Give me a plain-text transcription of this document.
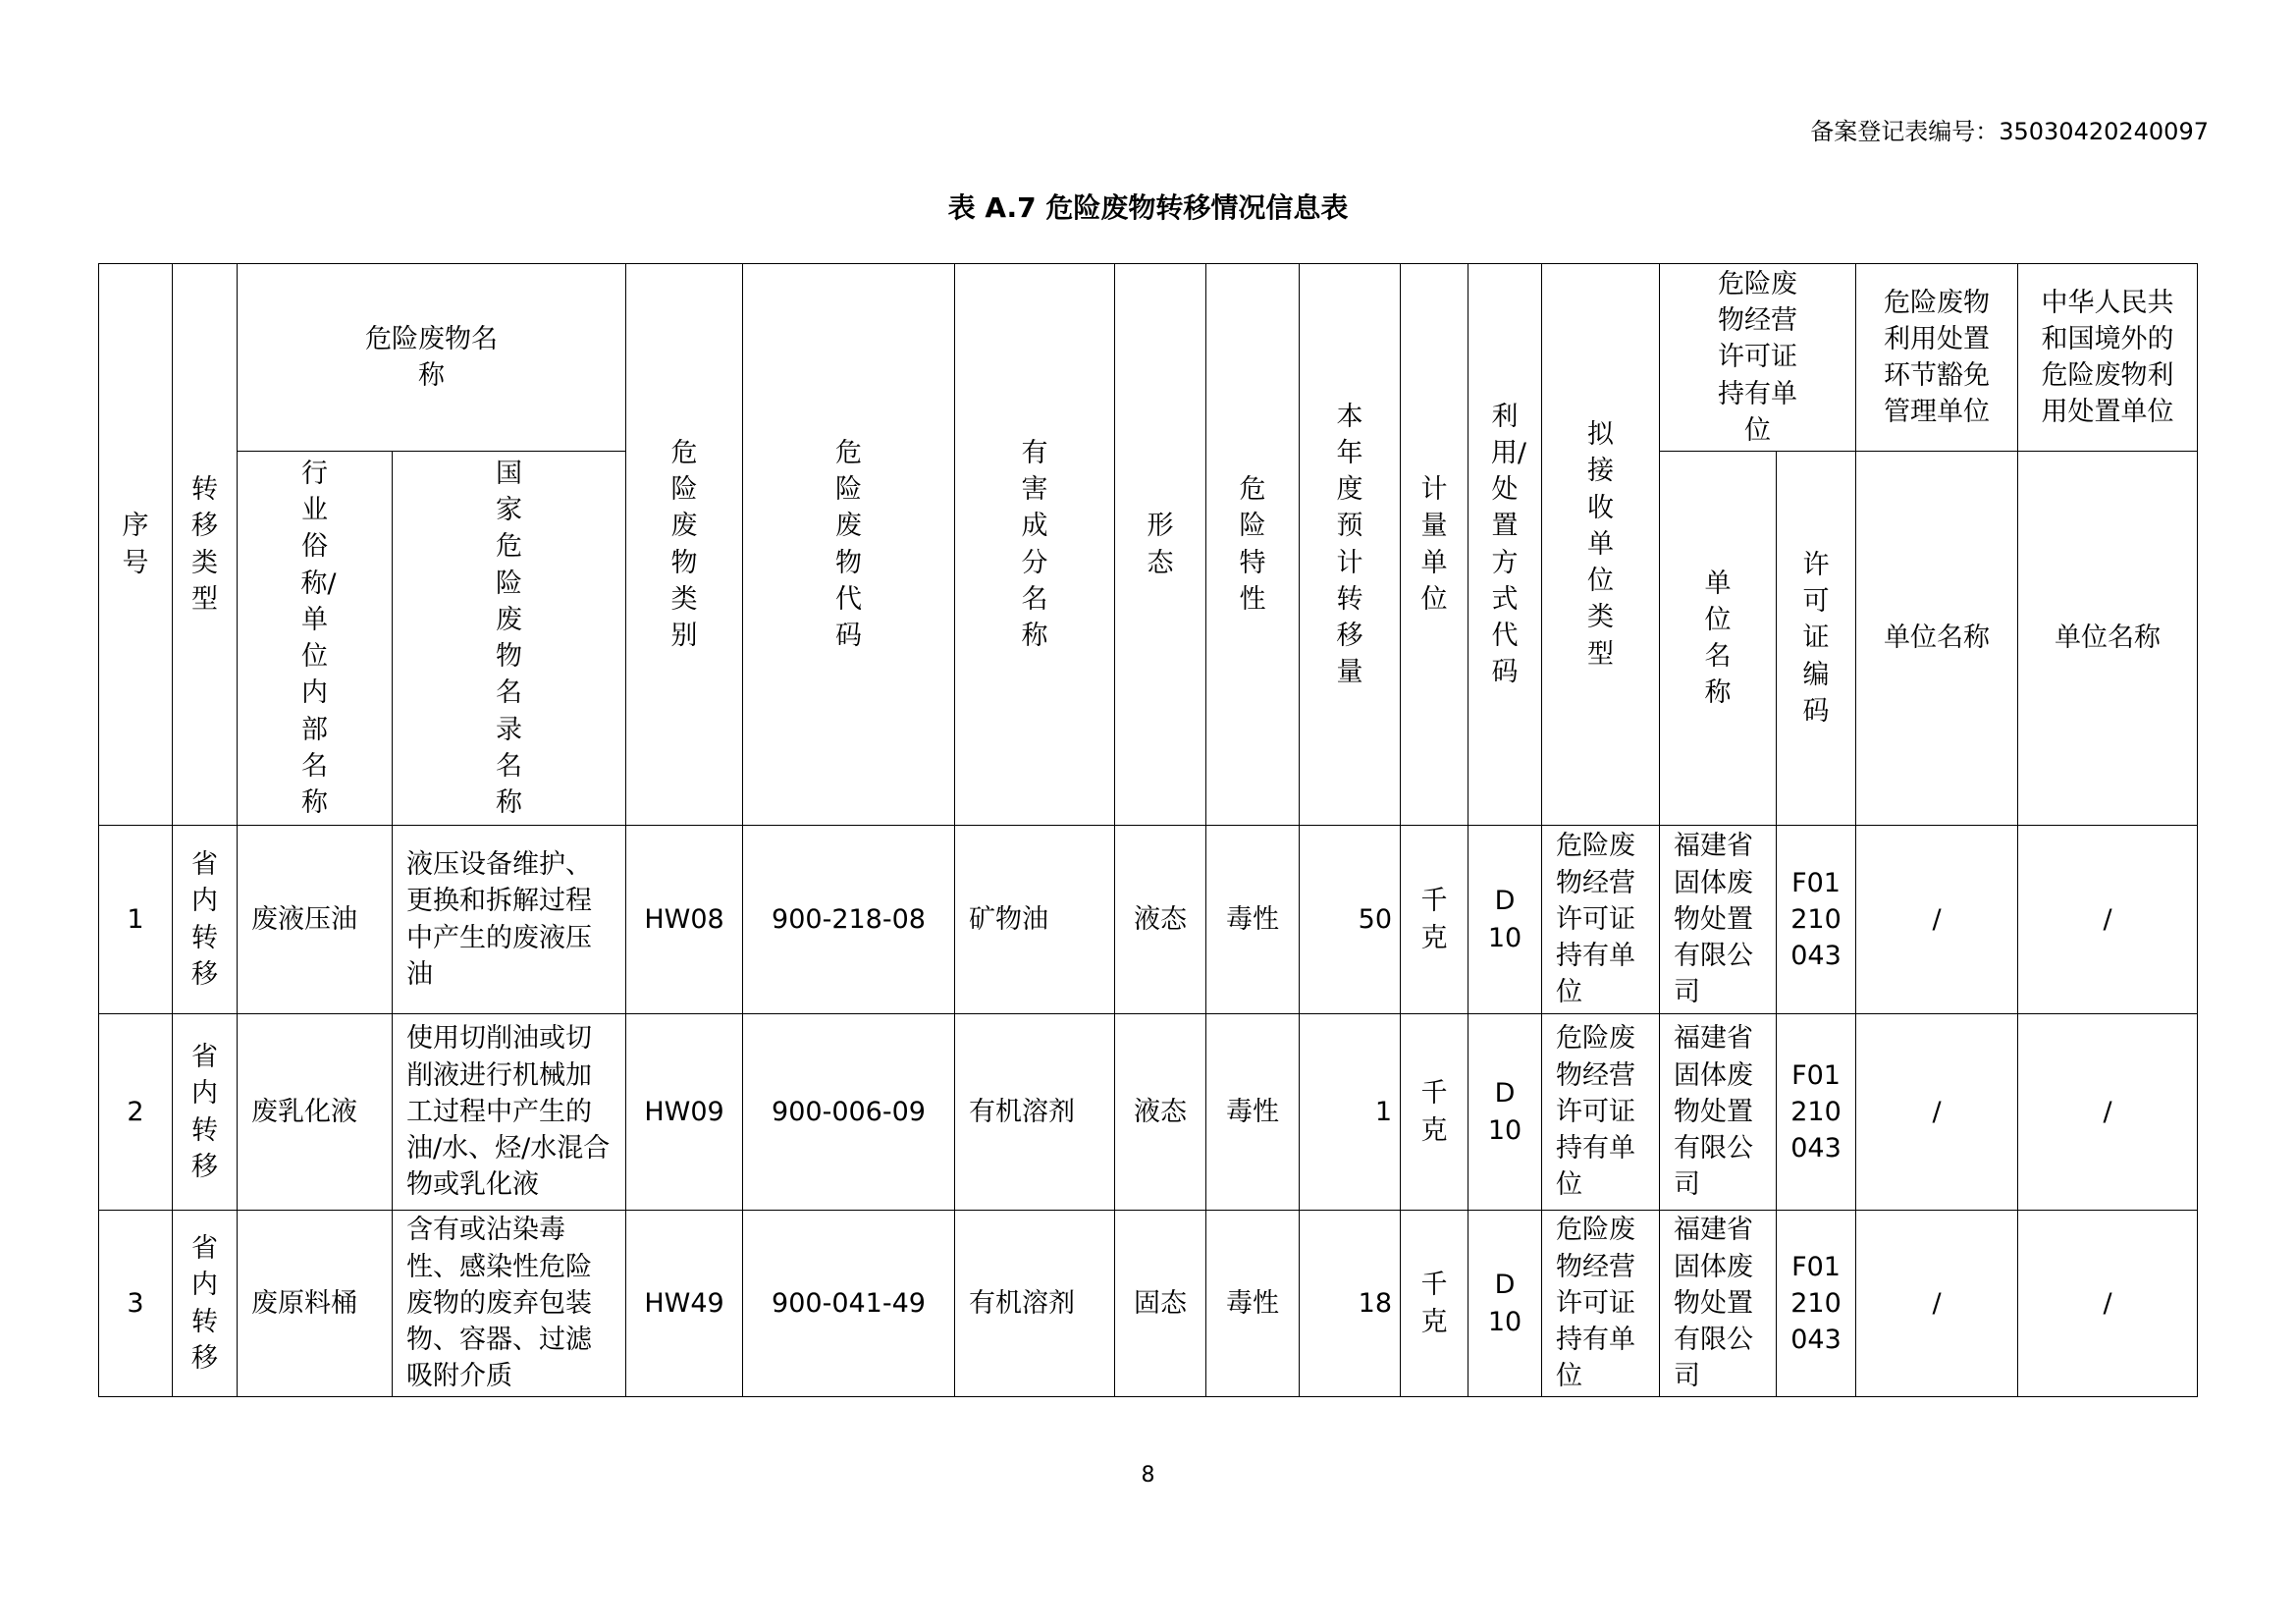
备案登记表编号：35030420240097
表 A.7 危险废物转移情况信息表
序号	转移类型	危险废物名称		危险废物类别	危险废物代码	有害成分名称	形态	危险特性	本年度预计转移量	计量单位	利用/处置方式代码	拟接收单位类型	危险废物经营许可证持有单位		危险废物利用处置环节豁免管理单位	中华人民共和国境外的危险废物利用处置单位
		行业俗称/单位内部名称	国家危险废物名录名称										单位名称	许可证编码	单位名称	单位名称
1	省内转移	废液压油	液压设备维护、更换和拆解过程中产生的废液压油	HW08	900-218-08	矿物油	液态	毒性	50	千克	D10	危险废物经营许可证持有单位	福建省固体废物处置有限公司	F01210043	/	/
2	省内转移	废乳化液	使用切削油或切削液进行机械加工过程中产生的油/水、烃/水混合物或乳化液	HW09	900-006-09	有机溶剂	液态	毒性	1	千克	D10	危险废物经营许可证持有单位	福建省固体废物处置有限公司	F01210043	/	/
3	省内转移	废原料桶	含有或沾染毒性、感染性危险废物的废弃包装物、容器、过滤吸附介质	HW49	900-041-49	有机溶剂	固态	毒性	18	千克	D10	危险废物经营许可证持有单位	福建省固体废物处置有限公司	F01210043	/	/
8
